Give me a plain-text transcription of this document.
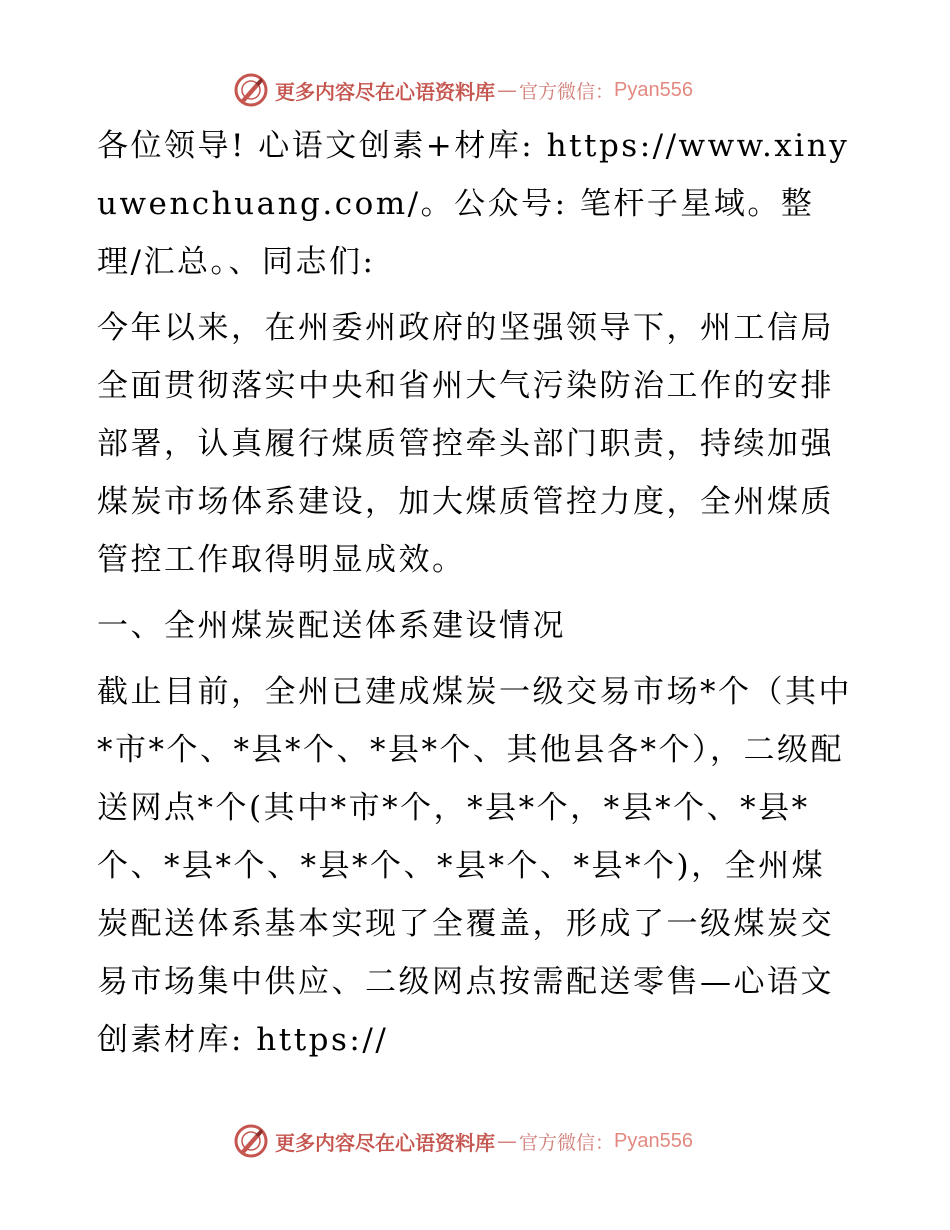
更多内容尽在心语资料库 — 官方微信： Pyan556

各位领导! 心语文创素+材库: https://www.xinyuwenchuang.com/。公众号: 笔杆子星域。整理/汇总。、同志们:

今年以来，在州委州政府的坚强领导下，州工信局全面贯彻落实中央和省州大气污染防治工作的安排部署，认真履行煤质管控牵头部门职责，持续加强煤炭市场体系建设，加大煤质管控力度，全州煤质管控工作取得明显成效。

一、全州煤炭配送体系建设情况

截止目前，全州已建成煤炭一级交易市场*个（其中*市*个、*县*个、*县*个、其他县各*个），二级配送网点*个(其中*市*个，*县*个，*县*个、*县*个、*县*个、*县*个、*县*个、*县*个)，全州煤炭配送体系基本实现了全覆盖，形成了一级煤炭交易市场集中供应、二级网点按需配送零售—心语文创素材库: https://

更多内容尽在心语资料库 — 官方微信： Pyan556
